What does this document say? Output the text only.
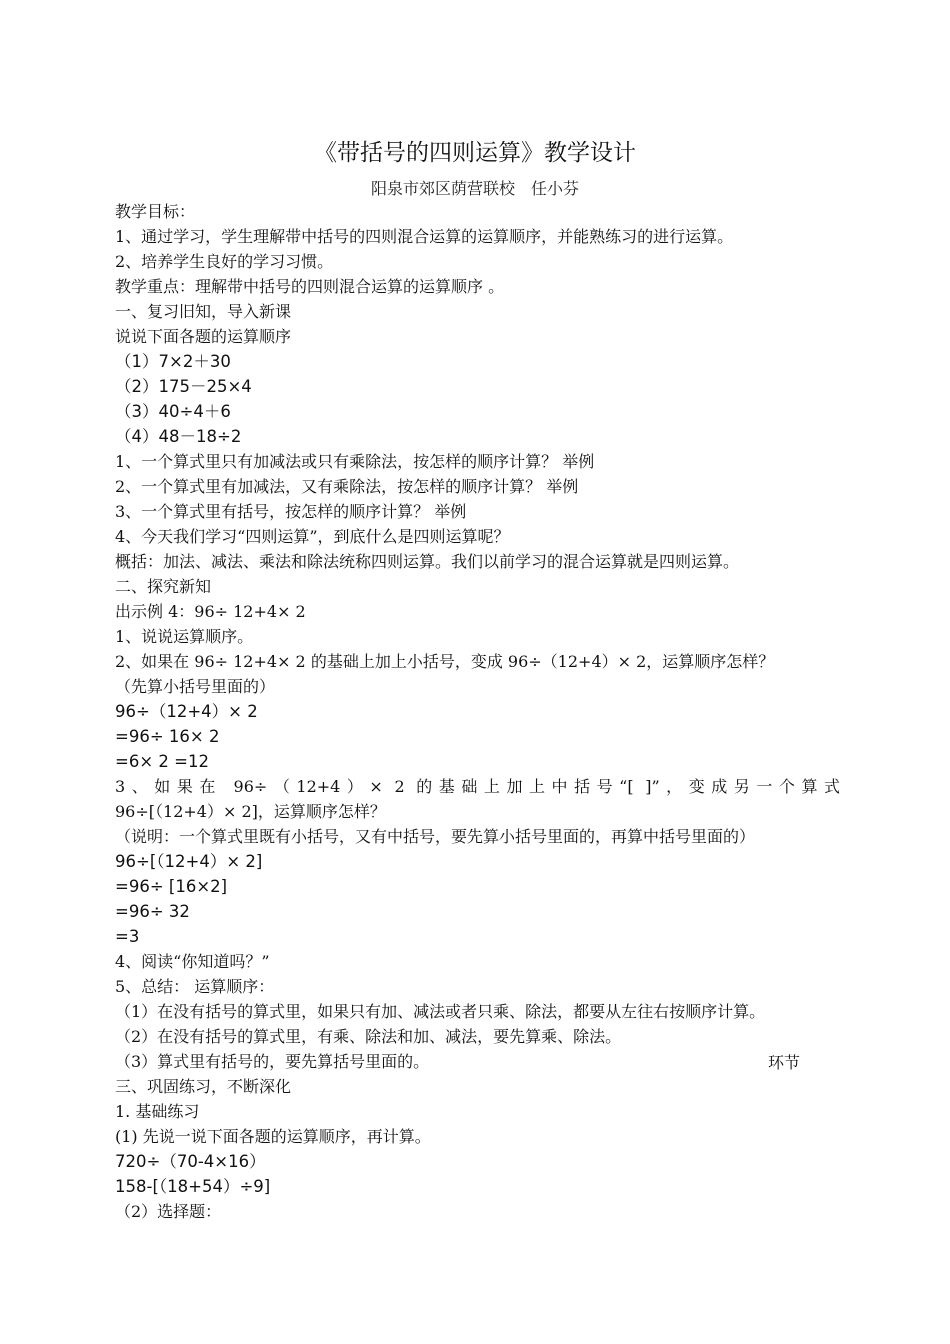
《带括号的四则运算》教学设计
阳泉市郊区荫营联校　任小芬
教学目标：
1、通过学习，学生理解带中括号的四则混合运算的运算顺序，并能熟练习的进行运算。
2、培养学生良好的学习习惯。
教学重点：理解带中括号的四则混合运算的运算顺序 。
一、复习旧知，导入新课
说说下面各题的运算顺序
（1）7×2＋30
（2）175－25×4
（3）40÷4＋6
（4）48－18÷2
1、一个算式里只有加减法或只有乘除法，按怎样的顺序计算？ 举例
2、一个算式里有加减法，又有乘除法，按怎样的顺序计算？ 举例
3、一个算式里有括号，按怎样的顺序计算？ 举例
4、今天我们学习“四则运算”，到底什么是四则运算呢？
概括：加法、减法、乘法和除法统称四则运算。我们以前学习的混合运算就是四则运算。
二、探究新知
出示例 4：96÷ 12+4× 2
1、说说运算顺序。
2、如果在 96÷ 12+4× 2 的基础上加上小括号，变成 96÷（12+4）× 2，运算顺序怎样？
（先算小括号里面的）
96÷（12+4）× 2
=96÷ 16× 2
=6× 2 =12
3、如果在 96÷（12+4）× 2 的基础上加上中括号“[ ]”，变成另一个算式
96÷[（12+4）× 2]，运算顺序怎样？
（说明：一个算式里既有小括号，又有中括号，要先算小括号里面的，再算中括号里面的）
96÷[（12+4）× 2]
=96÷ [16×2]
=96÷ 32
=3
4、阅读“你知道吗？”
5、总结： 运算顺序：
（1）在没有括号的算式里，如果只有加、减法或者只乘、除法，都要从左往右按顺序计算。
（2）在没有括号的算式里，有乘、除法和加、减法，要先算乘、除法。
（3）算式里有括号的，要先算括号里面的。	环节
三、巩固练习，不断深化
1. 基础练习
(1) 先说一说下面各题的运算顺序，再计算。
720÷（70-4×16）
158-[（18+54）÷9]
（2）选择题：
